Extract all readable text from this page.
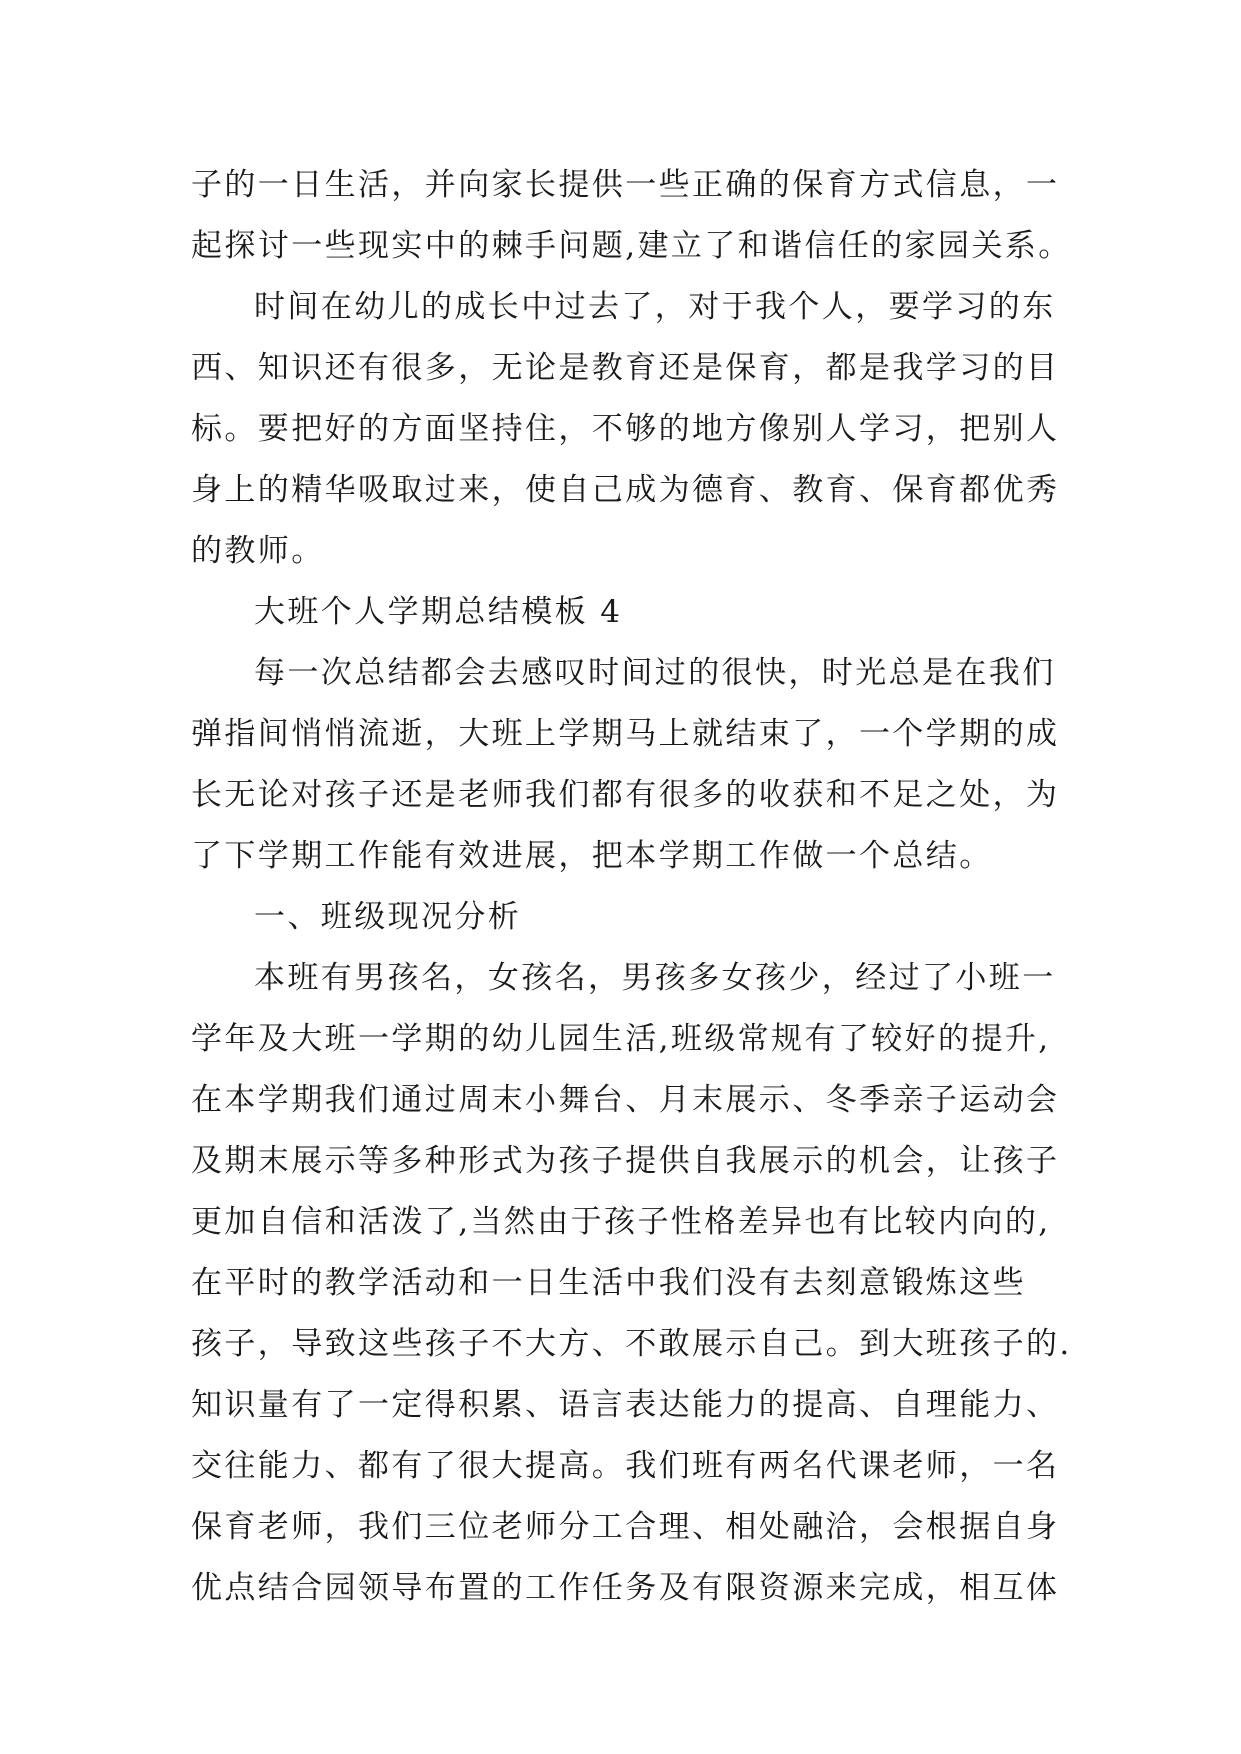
子的一日生活，并向家长提供一些正确的保育方式信息，一
起探讨一些现实中的棘手问题,建立了和谐信任的家园关系。
时间在幼儿的成长中过去了，对于我个人，要学习的东
西、知识还有很多，无论是教育还是保育，都是我学习的目
标。要把好的方面坚持住，不够的地方像别人学习，把别人
身上的精华吸取过来，使自己成为德育、教育、保育都优秀
的教师。
大班个人学期总结模板 4
每一次总结都会去感叹时间过的很快，时光总是在我们
弹指间悄悄流逝，大班上学期马上就结束了，一个学期的成
长无论对孩子还是老师我们都有很多的收获和不足之处，为
了下学期工作能有效进展，把本学期工作做一个总结。
一、班级现况分析
本班有男孩名，女孩名，男孩多女孩少，经过了小班一
学年及大班一学期的幼儿园生活,班级常规有了较好的提升,
在本学期我们通过周末小舞台、月末展示、冬季亲子运动会
及期末展示等多种形式为孩子提供自我展示的机会，让孩子
更加自信和活泼了,当然由于孩子性格差异也有比较内向的,
在平时的教学活动和一日生活中我们没有去刻意锻炼这些
孩子，导致这些孩子不大方、不敢展示自己。到大班孩子的.
知识量有了一定得积累、语言表达能力的提高、自理能力、
交往能力、都有了很大提高。我们班有两名代课老师，一名
保育老师，我们三位老师分工合理、相处融洽，会根据自身
优点结合园领导布置的工作任务及有限资源来完成，相互体
